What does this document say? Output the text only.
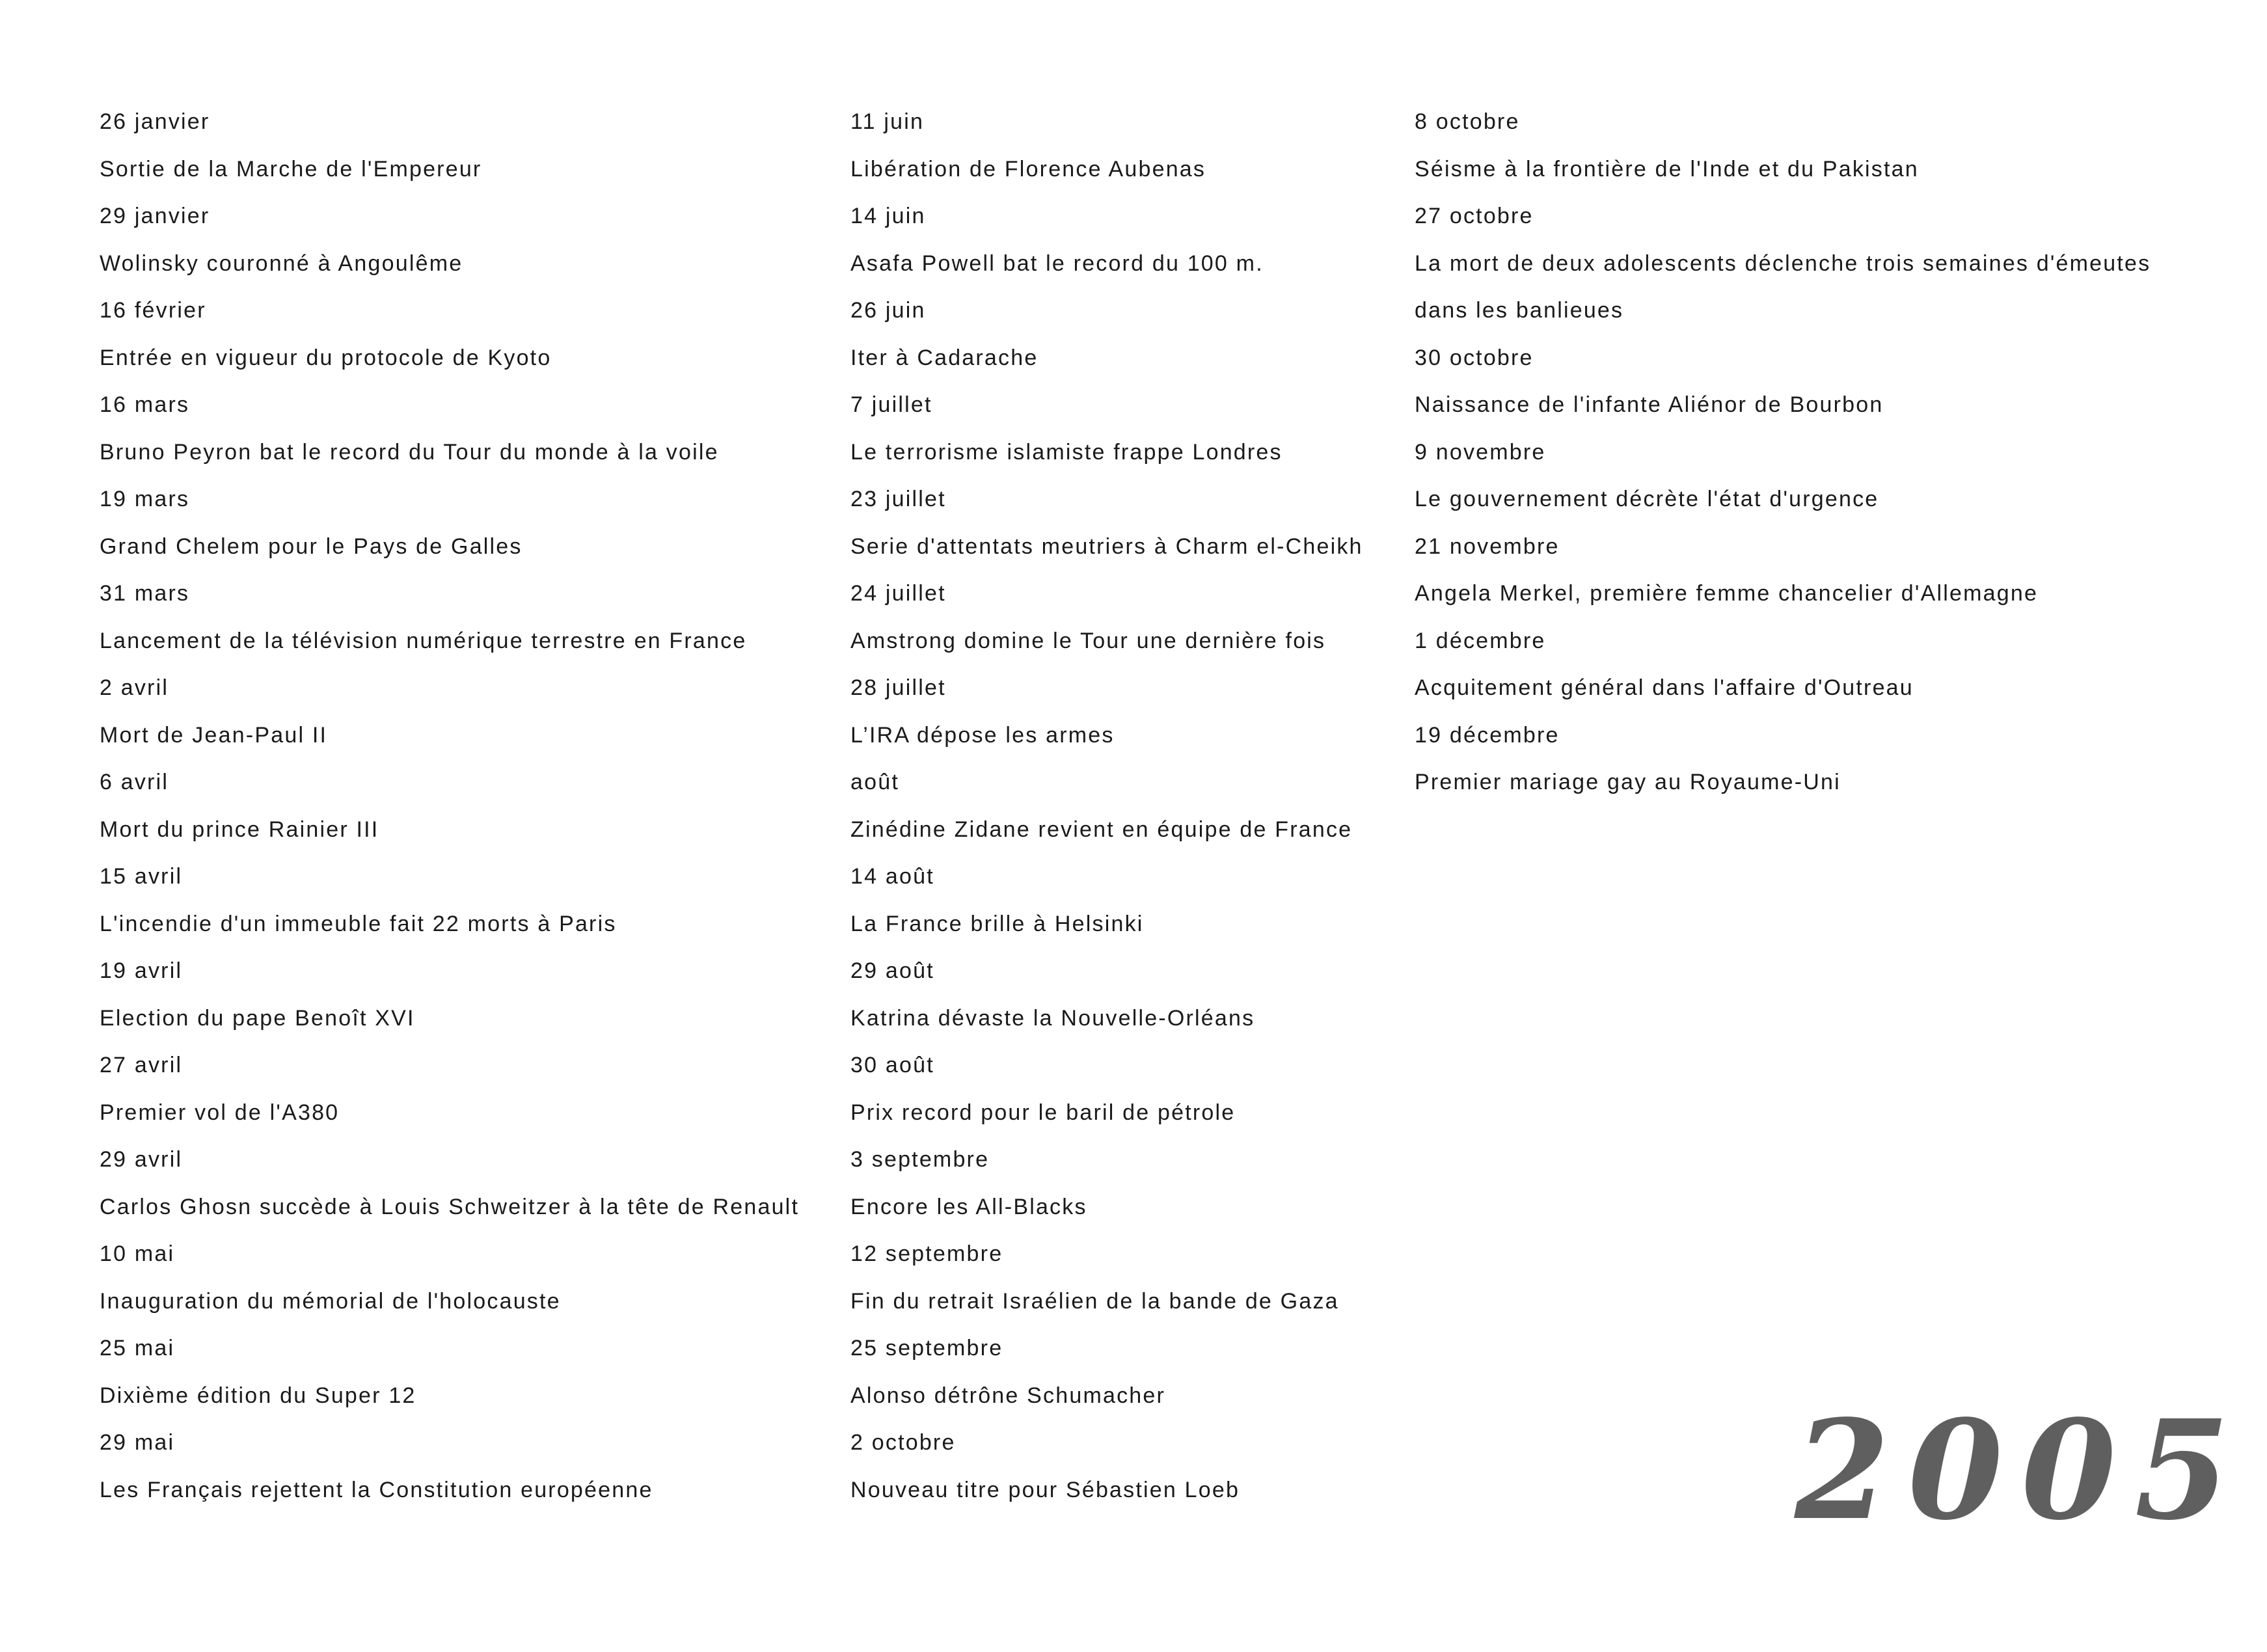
26 janvier
Sortie de la Marche de l'Empereur
29 janvier
Wolinsky couronné à Angoulême
16 février
Entrée en vigueur du protocole de Kyoto
16 mars
Bruno Peyron bat le record du Tour du monde à la voile
19 mars
Grand Chelem pour le Pays de Galles
31 mars
Lancement de la télévision numérique terrestre en France
2 avril
Mort de Jean-Paul II
6 avril
Mort du prince Rainier III
15 avril
L'incendie d'un immeuble fait 22 morts à Paris
19 avril
Election du pape Benoît XVI
27 avril
Premier vol de l'A380
29 avril
Carlos Ghosn succède à Louis Schweitzer à la tête de Renault
10 mai
Inauguration du mémorial de l'holocauste
25 mai
Dixième édition du Super 12
29 mai
Les Français rejettent la Constitution européenne
11 juin
Libération de Florence Aubenas
14 juin
Asafa Powell bat le record du 100 m.
26 juin
Iter à Cadarache
7 juillet
Le terrorisme islamiste frappe Londres
23 juillet
Serie d'attentats meutriers à Charm el-Cheikh
24 juillet
Amstrong domine le Tour une dernière fois
28 juillet
L’IRA dépose les armes
août
Zinédine Zidane revient en équipe de France
14 août
La France brille à Helsinki
29 août
Katrina dévaste la Nouvelle-Orléans
30 août
Prix record pour le baril de pétrole
3 septembre
Encore les All-Blacks
12 septembre
Fin du retrait Israélien de la bande de Gaza
25 septembre
Alonso détrône Schumacher
2 octobre
Nouveau titre pour Sébastien Loeb
8 octobre
Séisme à la frontière de l'Inde et du Pakistan
27 octobre
La mort de deux adolescents déclenche trois semaines d'émeutes dans les banlieues
30 octobre
Naissance de l'infante Aliénor de Bourbon
9 novembre
Le gouvernement décrète l'état d'urgence
21 novembre
Angela Merkel, première femme chancelier d'Allemagne
1 décembre
Acquitement général dans l'affaire d'Outreau
19 décembre
Premier mariage gay au Royaume-Uni
2005
